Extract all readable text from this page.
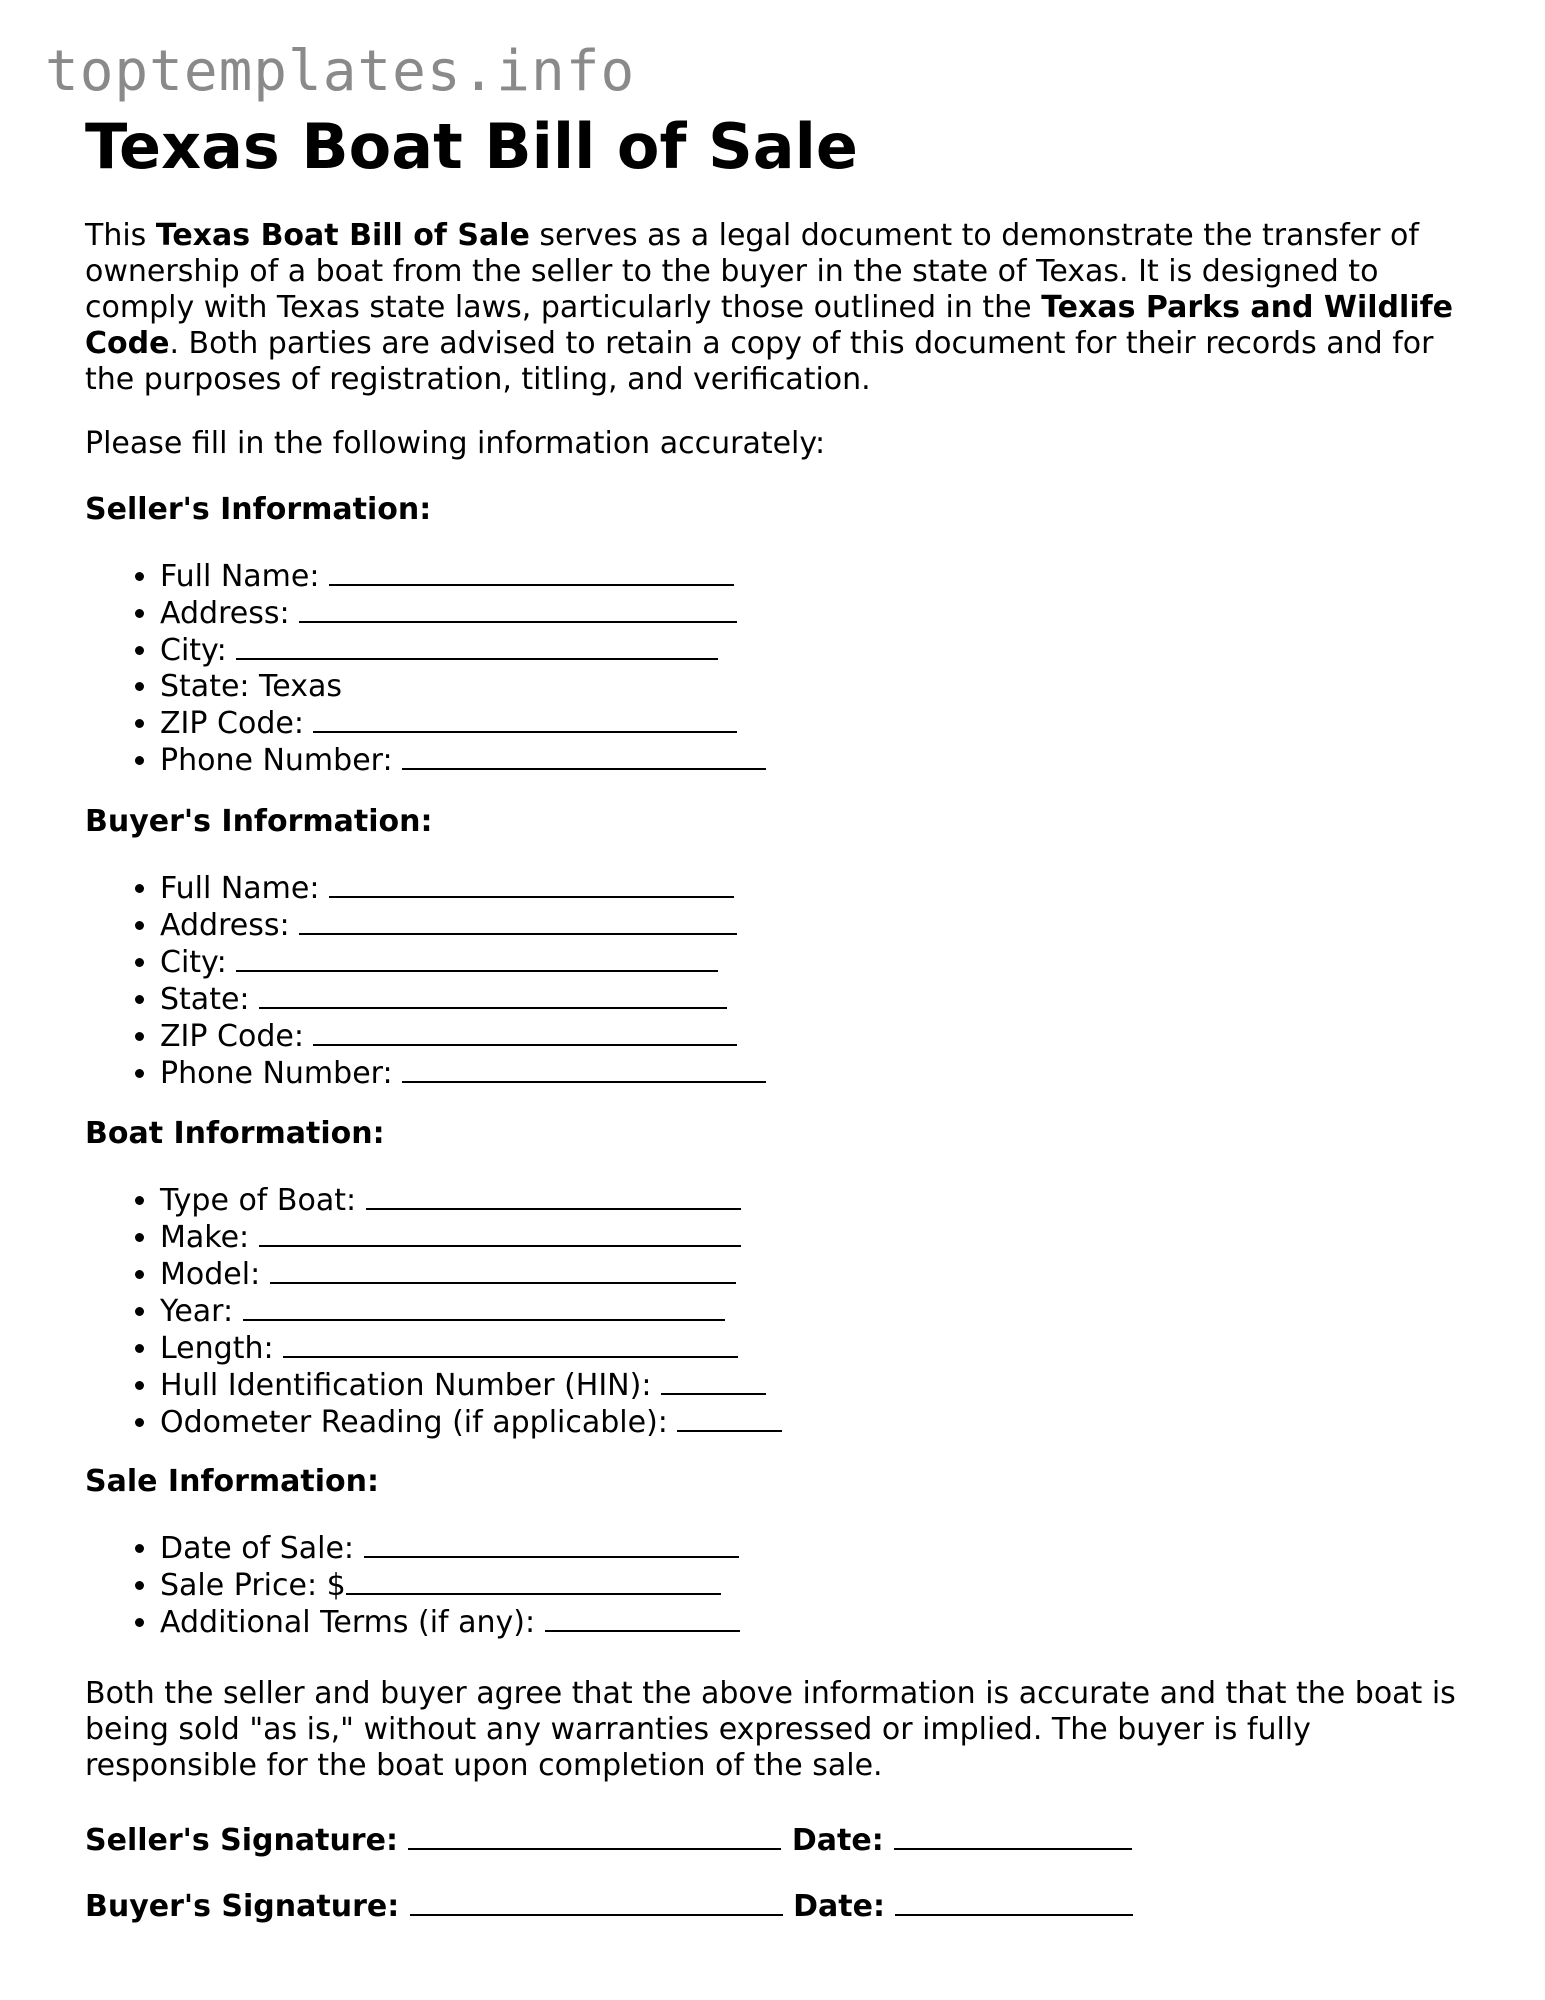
toptemplates.info
Texas Boat Bill of Sale

This Texas Boat Bill of Sale serves as a legal document to demonstrate the transfer of ownership of a boat from the seller to the buyer in the state of Texas. It is designed to comply with Texas state laws, particularly those outlined in the Texas Parks and Wildlife Code. Both parties are advised to retain a copy of this document for their records and for the purposes of registration, titling, and verification.

Please fill in the following information accurately:

Seller's Information:

• Full Name:
• Address:
• City:
• State: Texas
• ZIP Code:
• Phone Number:

Buyer's Information:

• Full Name:
• Address:
• City:
• State:
• ZIP Code:
• Phone Number:

Boat Information:

• Type of Boat:
• Make:
• Model:
• Year:
• Length:
• Hull Identification Number (HIN):
• Odometer Reading (if applicable):

Sale Information:

• Date of Sale:
• Sale Price: $
• Additional Terms (if any):

Both the seller and buyer agree that the above information is accurate and that the boat is being sold "as is," without any warranties expressed or implied. The buyer is fully responsible for the boat upon completion of the sale.

Seller's Signature:	Date:
Buyer's Signature:	Date:
